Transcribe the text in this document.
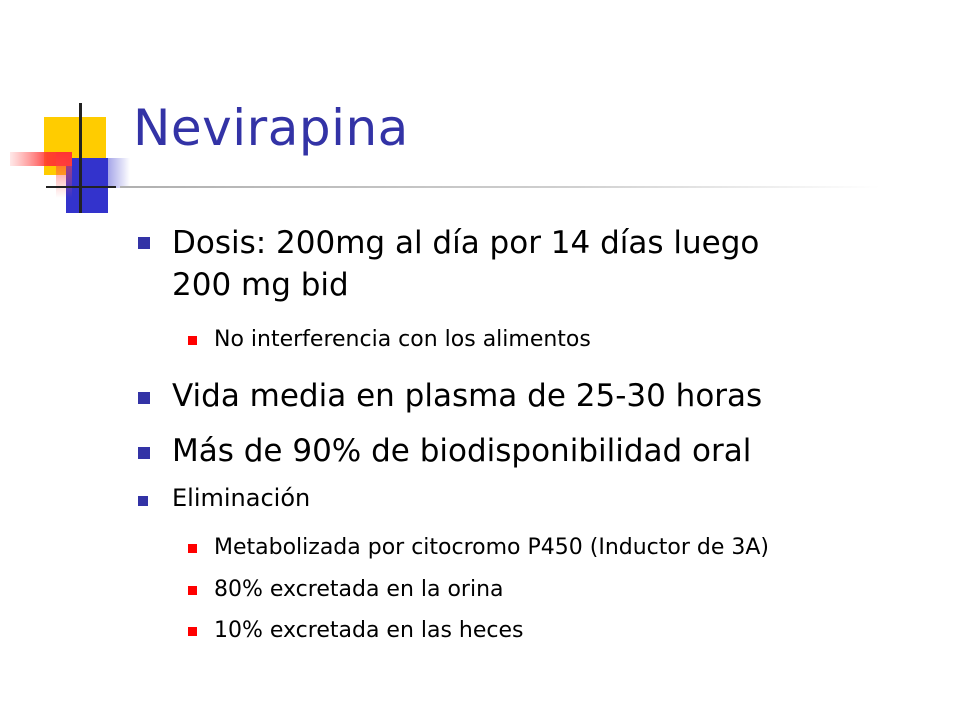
Nevirapina
Dosis: 200mg al día por 14 días luego
200 mg bid
No interferencia con los alimentos
Vida media en plasma de 25-30 horas
Más de 90% de biodisponibilidad oral
Eliminación
Metabolizada por citocromo P450 (Inductor de 3A)
80% excretada en la orina
10% excretada en las heces
